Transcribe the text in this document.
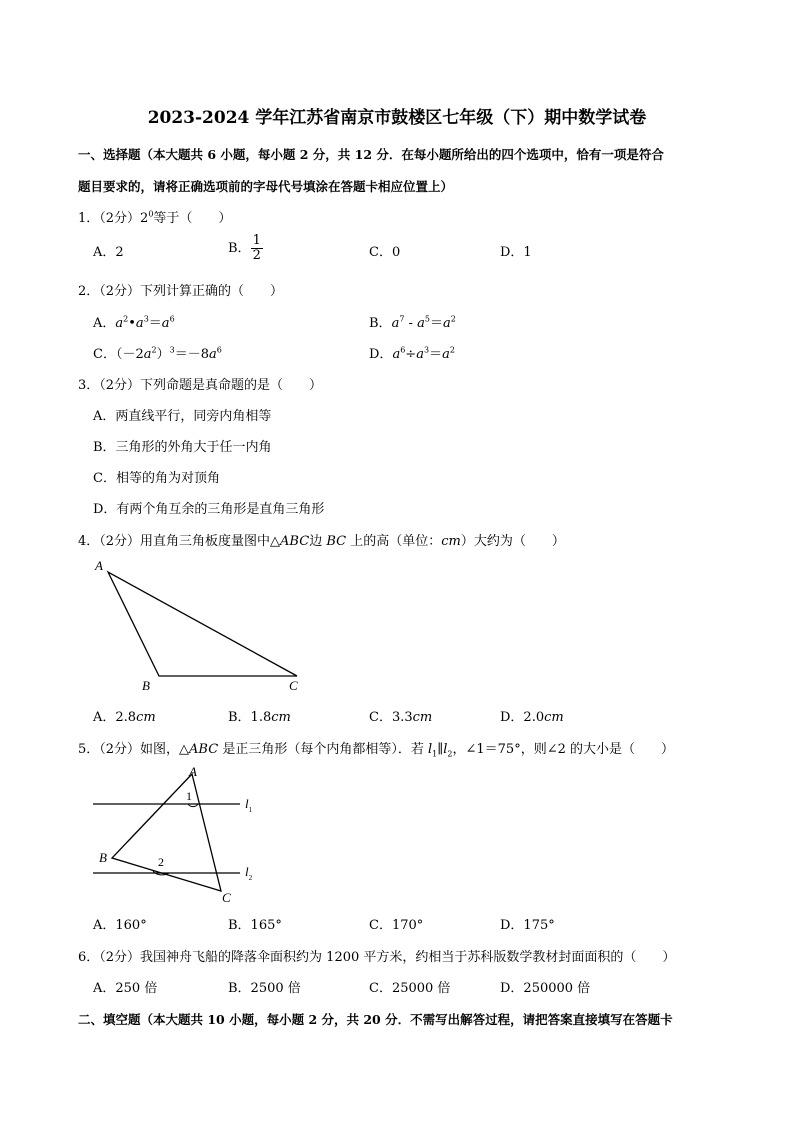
2023-2024 学年江苏省南京市鼓楼区七年级（下）期中数学试卷
一、选择题（本大题共 6 小题，每小题 2 分，共 12 分．在每小题所给出的四个选项中，恰有一项是符合
题目要求的，请将正确选项前的字母代号填涂在答题卡相应位置上）
1．（2分）$2^0$等于（　　）
A．2	B． $\frac{1}{2}$	C．0	D．1
2．（2分）下列计算正确的（　　）
A．$a^2•a^3=a^6$	B．$a^7 - a^5=a^2$
C．$(-2a^2)^3=-8a^6$	D．$a^6\div a^3=a^2$
3．（2分）下列命题是真命题的是（　　）
A．两直线平行，同旁内角相等
B．三角形的外角大于任一内角
C．相等的角为对顶角
D．有两个角互余的三角形是直角三角形
4．（2分）用直角三角板度量图中△ABC边 BC 上的高（单位：cm）大约为（　　）
A
B	C
A．2.8cm	B．1.8cm	C．3.3cm	D．2.0cm
5．（2分）如图，△ABC 是正三角形（每个内角都相等）．若 $l_1\parallel l_2$，∠1＝75°，则∠2 的大小是（　　）
A
B
C
1
2
$l_1$
$l_2$
A．160°	B．165°	C．170°	D．175°
6．（2分）我国神舟飞船的降落伞面积约为 1200 平方米，约相当于苏科版数学教材封面面积的（　　）
A．250 倍	B．2500 倍	C．25000 倍	D．250000 倍
二、填空题（本大题共 10 小题，每小题 2 分，共 20 分．不需写出解答过程，请把答案直接填写在答题卡
